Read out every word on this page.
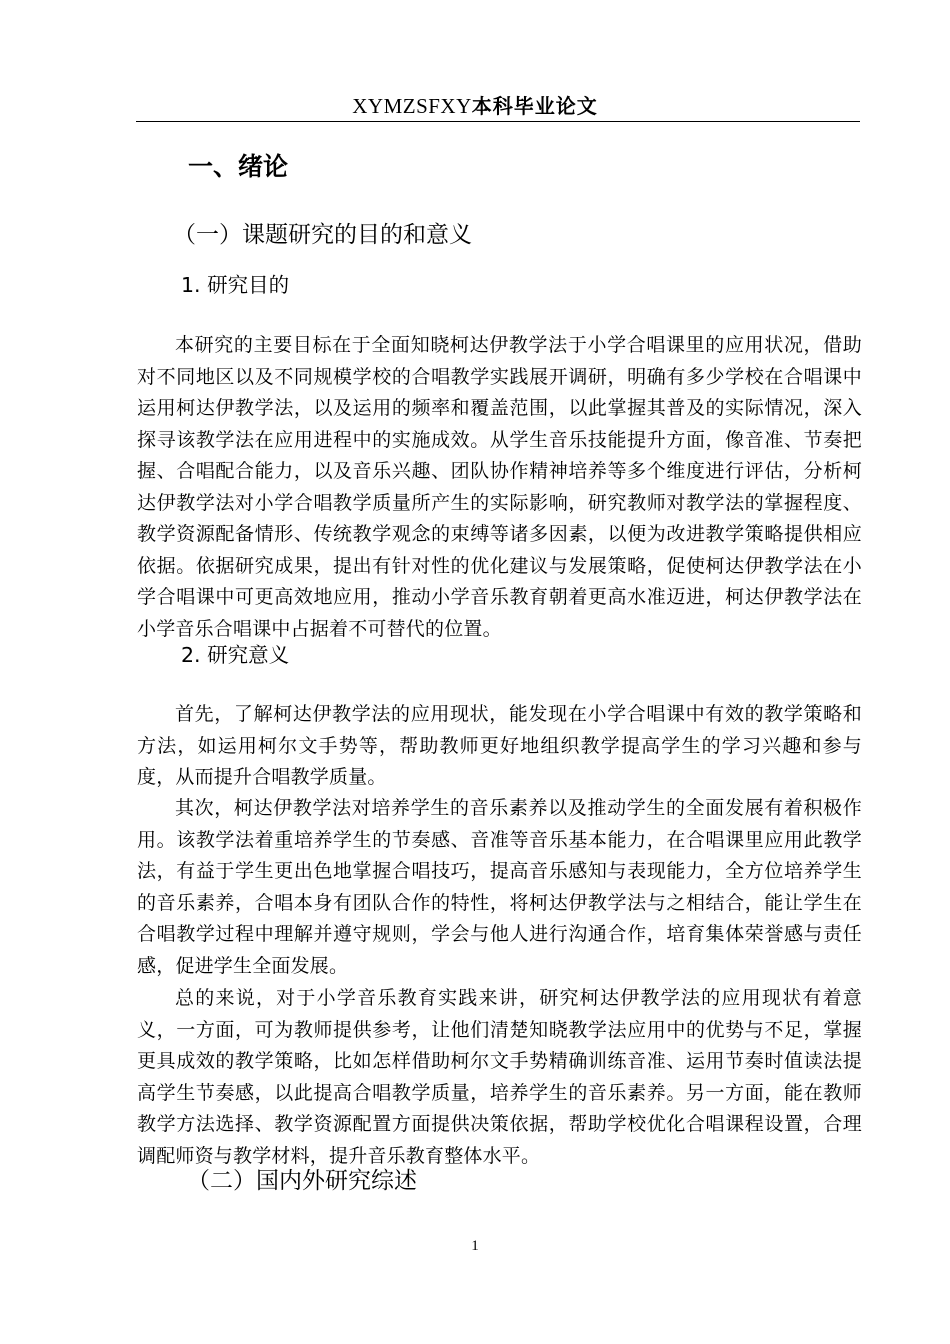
XYMZSFXY本科毕业论文
一、绪论
（一）课题研究的目的和意义
1. 研究目的

本研究的主要目标在于全面知晓柯达伊教学法于小学合唱课里的应用状况，借助对不同地区以及不同规模学校的合唱教学实践展开调研，明确有多少学校在合唱课中运用柯达伊教学法，以及运用的频率和覆盖范围，以此掌握其普及的实际情况，深入探寻该教学法在应用进程中的实施成效。从学生音乐技能提升方面，像音准、节奏把握、合唱配合能力，以及音乐兴趣、团队协作精神培养等多个维度进行评估，分析柯达伊教学法对小学合唱教学质量所产生的实际影响，研究教师对教学法的掌握程度、教学资源配备情形、传统教学观念的束缚等诸多因素，以便为改进教学策略提供相应依据。依据研究成果，提出有针对性的优化建议与发展策略，促使柯达伊教学法在小学合唱课中可更高效地应用，推动小学音乐教育朝着更高水准迈进，柯达伊教学法在小学音乐合唱课中占据着不可替代的位置。

2. 研究意义

首先，了解柯达伊教学法的应用现状，能发现在小学合唱课中有效的教学策略和方法，如运用柯尔文手势等，帮助教师更好地组织教学提高学生的学习兴趣和参与度，从而提升合唱教学质量。

其次，柯达伊教学法对培养学生的音乐素养以及推动学生的全面发展有着积极作用。该教学法着重培养学生的节奏感、音准等音乐基本能力，在合唱课里应用此教学法，有益于学生更出色地掌握合唱技巧，提高音乐感知与表现能力，全方位培养学生的音乐素养，合唱本身有团队合作的特性，将柯达伊教学法与之相结合，能让学生在合唱教学过程中理解并遵守规则，学会与他人进行沟通合作，培育集体荣誉感与责任感，促进学生全面发展。

总的来说，对于小学音乐教育实践来讲，研究柯达伊教学法的应用现状有着意义，一方面，可为教师提供参考，让他们清楚知晓教学法应用中的优势与不足，掌握更具成效的教学策略，比如怎样借助柯尔文手势精确训练音准、运用节奏时值读法提高学生节奏感，以此提高合唱教学质量，培养学生的音乐素养。另一方面，能在教师教学方法选择、教学资源配置方面提供决策依据，帮助学校优化合唱课程设置，合理调配师资与教学材料，提升音乐教育整体水平。

（二）国内外研究综述
1
